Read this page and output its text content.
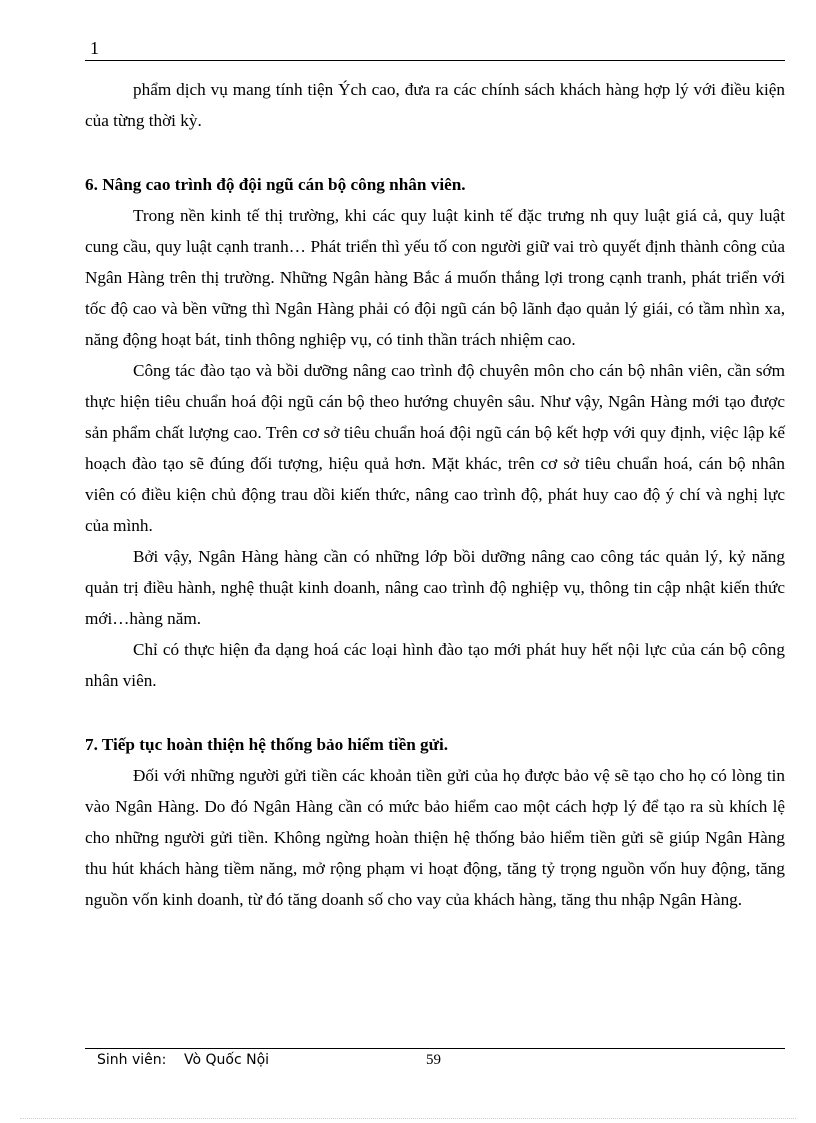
1

phẩm dịch vụ mang tính tiện Ých cao, đưa ra các chính sách khách hàng hợp lý với điều kiện của từng thời kỳ.

6. Nâng cao trình độ đội ngũ cán bộ công nhân viên.

Trong nền kinh tế thị trường, khi các quy luật kinh tế đặc trưng nh quy luật giá cả, quy luật cung cầu, quy luật cạnh tranh… Phát triển thì yếu tố con người giữ vai trò quyết định thành công của Ngân Hàng trên thị trường. Những Ngân hàng Bắc á muốn thắng lợi trong cạnh tranh, phát triển với tốc độ cao và bền vững thì Ngân Hàng phải có đội ngũ cán bộ lãnh đạo quản lý giái, có tầm nhìn xa, năng động hoạt bát, tinh thông nghiệp vụ, có tinh thần trách nhiệm cao.

Công tác đào tạo và bồi dưỡng nâng cao trình độ chuyên môn cho cán bộ nhân viên, cần sớm thực hiện tiêu chuẩn hoá đội ngũ cán bộ theo hướng chuyên sâu. Như vậy, Ngân Hàng mới tạo được sản phẩm chất lượng cao. Trên cơ sở tiêu chuẩn hoá đội ngũ cán bộ kết hợp với quy định, việc lập kế hoạch đào tạo sẽ đúng đối tượng, hiệu quả hơn. Mặt khác, trên cơ sở tiêu chuẩn hoá, cán bộ nhân viên có điều kiện chủ động trau dồi kiến thức, nâng cao trình độ, phát huy cao độ ý chí và nghị lực của mình.

Bởi vậy, Ngân Hàng hàng cần có những lớp bồi dưỡng nâng cao công tác quản lý, kỷ năng quản trị điều hành, nghệ thuật kinh doanh, nâng cao trình độ nghiệp vụ, thông tin cập nhật kiến thức mới…hàng năm.

Chỉ có thực hiện đa dạng hoá các loại hình đào tạo mới phát huy hết nội lực của cán bộ công nhân viên.

7. Tiếp tục hoàn thiện hệ thống bảo hiểm tiền gửi.

Đối với những người gửi tiền các khoản tiền gửi của họ được bảo vệ sẽ tạo cho họ có lòng tin vào Ngân Hàng. Do đó Ngân Hàng cần có mức bảo hiểm cao một cách hợp lý để tạo ra sù khích lệ cho những người gửi tiền. Không ngừng hoàn thiện hệ thống bảo hiểm tiền gửi sẽ giúp Ngân Hàng thu hút khách hàng tiềm năng, mở rộng phạm vi hoạt động, tăng tỷ trọng nguồn vốn huy động, tăng nguồn vốn kinh doanh, từ đó tăng doanh số cho vay của khách hàng, tăng thu nhập Ngân Hàng.

Sinh viên: Vò Quốc Nội	59
